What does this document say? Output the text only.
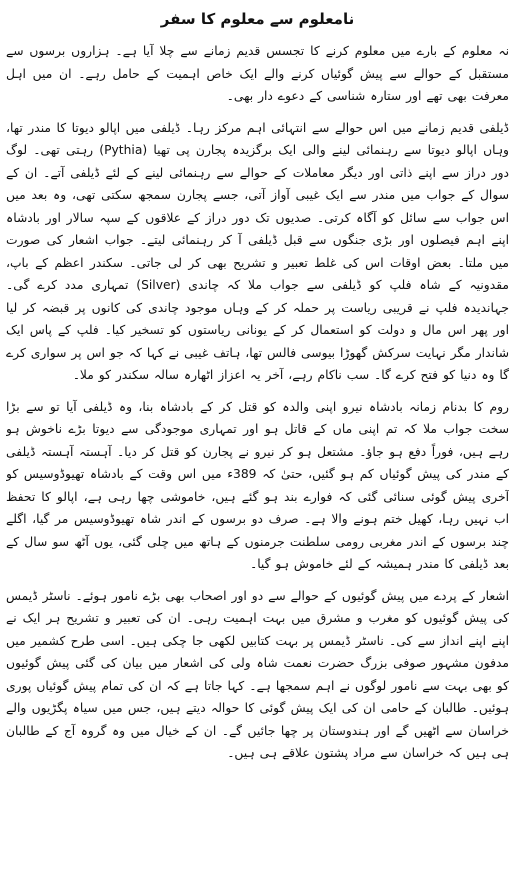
نامعلوم سے معلوم کا سفر

نہ معلوم کے بارے میں معلوم کرنے کا تجسس قدیم زمانے سے چلا آیا ہے۔ ہزاروں برسوں سے مستقبل کے حوالے سے پیش گوئیاں کرنے والے ایک خاص اہمیت کے حامل رہے۔ ان میں اہل معرفت بھی تھے اور ستارہ شناسی کے دعوے دار بھی۔

ڈیلفی قدیم زمانے میں اس حوالے سے انتہائی اہم مرکز رہا۔ ڈیلفی میں اپالو دیوتا کا مندر تھا، وہاں اپالو دیوتا سے رہنمائی لینے والی ایک برگزیدہ پجارن پی تھیا (Pythia) رہتی تھی۔ لوگ دور دراز سے اپنے ذاتی اور دیگر معاملات کے حوالے سے رہنمائی لینے کے لئے ڈیلفی آتے۔ ان کے سوال کے جواب میں مندر سے ایک غیبی آواز آتی، جسے پجارن سمجھ سکتی تھی، وہ بعد میں اس جواب سے سائل کو آگاہ کرتی۔ صدیوں تک دور دراز کے علاقوں کے سپہ سالار اور بادشاہ اپنے اہم فیصلوں اور بڑی جنگوں سے قبل ڈیلفی آ کر رہنمائی لیتے۔ جواب اشعار کی صورت میں ملتا۔ بعض اوقات اس کی غلط تعبیر و تشریح بھی کر لی جاتی۔ سکندر اعظم کے باپ، مقدونیہ کے شاہ فلپ کو ڈیلفی سے جواب ملا کہ چاندی (Silver) تمہاری مدد کرے گی۔ جہاندیدہ فلپ نے قریبی ریاست پر حملہ کر کے وہاں موجود چاندی کی کانوں پر قبضہ کر لیا اور پھر اس مال و دولت کو استعمال کر کے یونانی ریاستوں کو تسخیر کیا۔ فلپ کے پاس ایک شاندار مگر نہایت سرکش گھوڑا بیوسی فالس تھا، ہاتف غیبی نے کہا کہ جو اس پر سواری کرے گا وہ دنیا کو فتح کرے گا۔ سب ناکام رہے، آخر یہ اعزاز اٹھارہ سالہ سکندر کو ملا۔

روم کا بدنام زمانہ بادشاہ نیرو اپنی والدہ کو قتل کر کے بادشاہ بنا، وہ ڈیلفی آیا تو سے بڑا سخت جواب ملا کہ تم اپنی ماں کے قاتل ہو اور تمہاری موجودگی سے دیوتا بڑے ناخوش ہو رہے ہیں، فوراً دفع ہو جاؤ۔ مشتعل ہو کر نیرو نے پجارن کو قتل کر دیا۔ آہستہ آہستہ ڈیلفی کے مندر کی پیش گوئیاں کم ہو گئیں، حتیٰ کہ 389ء میں اس وقت کے بادشاہ تھیوڈوسیس کو آخری پیش گوئی سنائی گئی کہ فوارے بند ہو گئے ہیں، خاموشی چھا رہی ہے، اپالو کا تحفظ اب نہیں رہا، کھیل ختم ہونے والا ہے۔ صرف دو برسوں کے اندر شاہ تھیوڈوسیس مر گیا، اگلے چند برسوں کے اندر مغربی رومی سلطنت جرمنوں کے ہاتھ میں چلی گئی، یوں آٹھ سو سال کے بعد ڈیلفی کا مندر ہمیشہ کے لئے خاموش ہو گیا۔

اشعار کے پردے میں پیش گوئیوں کے حوالے سے دو اور اصحاب بھی بڑے نامور ہوئے۔ ناسٹر ڈیمس کی پیش گوئیوں کو مغرب و مشرق میں بہت اہمیت رہی۔ ان کی تعبیر و تشریح ہر ایک نے اپنے اپنے انداز سے کی۔ ناسٹر ڈیمس پر بہت کتابیں لکھی جا چکی ہیں۔ اسی طرح کشمیر میں مدفون مشہور صوفی بزرگ حضرت نعمت شاہ ولی کی اشعار میں بیان کی گئی پیش گوئیوں کو بھی بہت سے نامور لوگوں نے اہم سمجھا ہے۔ کہا جاتا ہے کہ ان کی تمام پیش گوئیاں پوری ہوئیں۔ طالبان کے حامی ان کی ایک پیش گوئی کا حوالہ دیتے ہیں، جس میں سیاہ پگڑیوں والے خراسان سے اٹھیں گے اور ہندوستان پر چھا جائیں گے۔ ان کے خیال میں وہ گروہ آج کے طالبان ہی ہیں کہ خراسان سے مراد پشتون علاقے ہی ہیں۔
